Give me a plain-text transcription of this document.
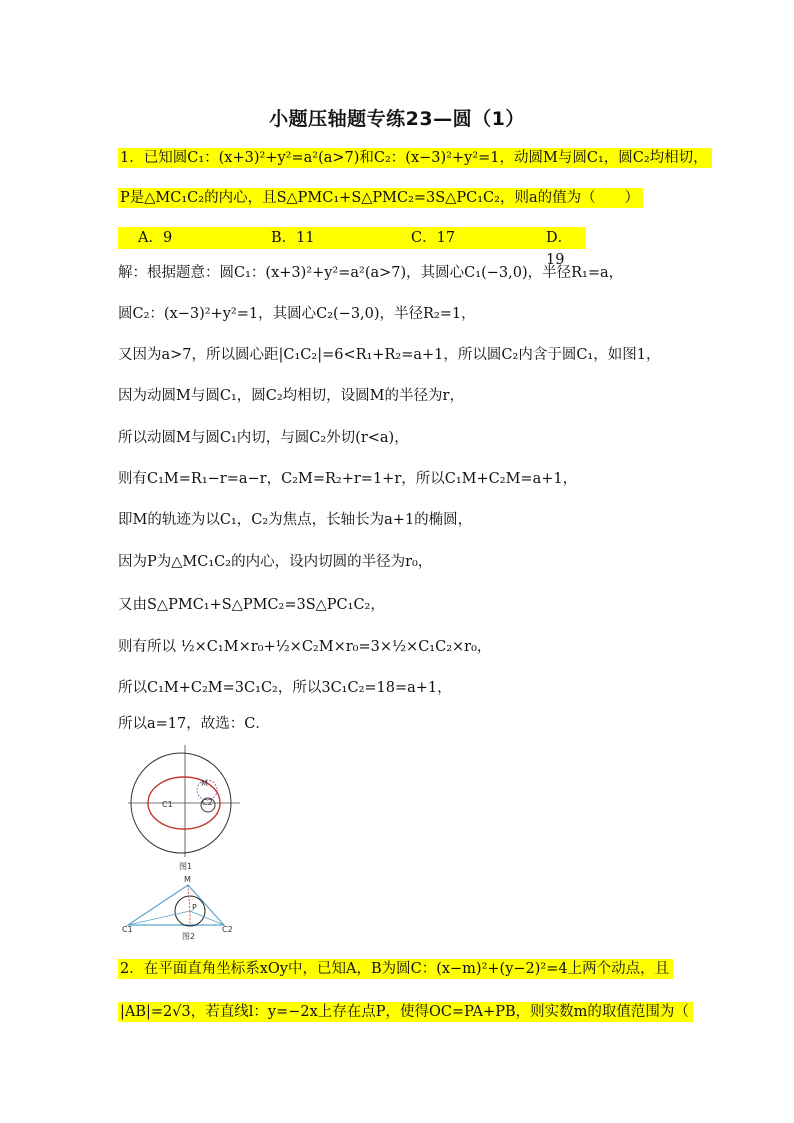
小题压轴题专练23—圆（1）
1．已知圆C₁：(x+3)²+y²=a²(a>7)和C₂：(x−3)²+y²=1，动圆M与圆C₁，圆C₂均相切，
P是△MC₁C₂的内心，且S△PMC₁+S△PMC₂=3S△PC₁C₂，则a的值为（　　）
A．9	B．11	C．17	D．19
解：根据题意：圆C₁：(x+3)²+y²=a²(a>7)，其圆心C₁(−3,0)，半径R₁=a，
圆C₂：(x−3)²+y²=1，其圆心C₂(−3,0)，半径R₂=1，
又因为a>7，所以圆心距|C₁C₂|=6<R₁+R₂=a+1，所以圆C₂内含于圆C₁，如图1，
因为动圆M与圆C₁，圆C₂均相切，设圆M的半径为r，
所以动圆M与圆C₁内切，与圆C₂外切(r<a)，
则有C₁M=R₁−r=a−r，C₂M=R₂+r=1+r，所以C₁M+C₂M=a+1，
即M的轨迹为以C₁，C₂为焦点，长轴长为a+1的椭圆，
因为P为△MC₁C₂的内心，设内切圆的半径为r₀，
又由S△PMC₁+S△PMC₂=3S△PC₁C₂，
则有所以 ½×C₁M×r₀+½×C₂M×r₀=3×½×C₁C₂×r₀，
所以C₁M+C₂M=3C₁C₂，所以3C₁C₂=18=a+1，
所以a=17，故选：C．
C1	C2
M
图1
M
P
C1	C2
图2
2．在平面直角坐标系xOy中，已知A，B为圆C：(x−m)²+(y−2)²=4上两个动点，且
|AB|=2√3，若直线l：y=−2x上存在点P，使得OC=PA+PB，则实数m的取值范围为（
